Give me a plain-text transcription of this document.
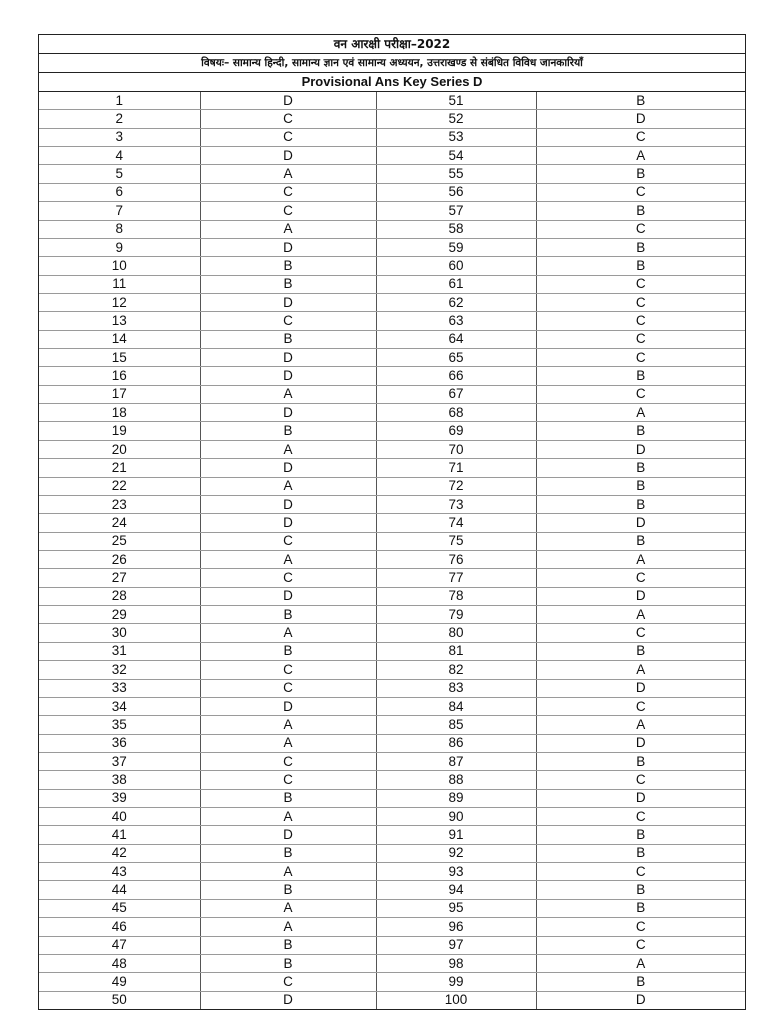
वन आरक्षी परीक्षा–2022
विषयः– सामान्य हिन्दी, सामान्य ज्ञान एवं सामान्य अध्ययन, उत्तराखण्ड से संबंधित विविध जानकारियाँ
Provisional Ans Key Series D
1	D	51	B
2	C	52	D
3	C	53	C
4	D	54	A
5	A	55	B
6	C	56	C
7	C	57	B
8	A	58	C
9	D	59	B
10	B	60	B
11	B	61	C
12	D	62	C
13	C	63	C
14	B	64	C
15	D	65	C
16	D	66	B
17	A	67	C
18	D	68	A
19	B	69	B
20	A	70	D
21	D	71	B
22	A	72	B
23	D	73	B
24	D	74	D
25	C	75	B
26	A	76	A
27	C	77	C
28	D	78	D
29	B	79	A
30	A	80	C
31	B	81	B
32	C	82	A
33	C	83	D
34	D	84	C
35	A	85	A
36	A	86	D
37	C	87	B
38	C	88	C
39	B	89	D
40	A	90	C
41	D	91	B
42	B	92	B
43	A	93	C
44	B	94	B
45	A	95	B
46	A	96	C
47	B	97	C
48	B	98	A
49	C	99	B
50	D	100	D
